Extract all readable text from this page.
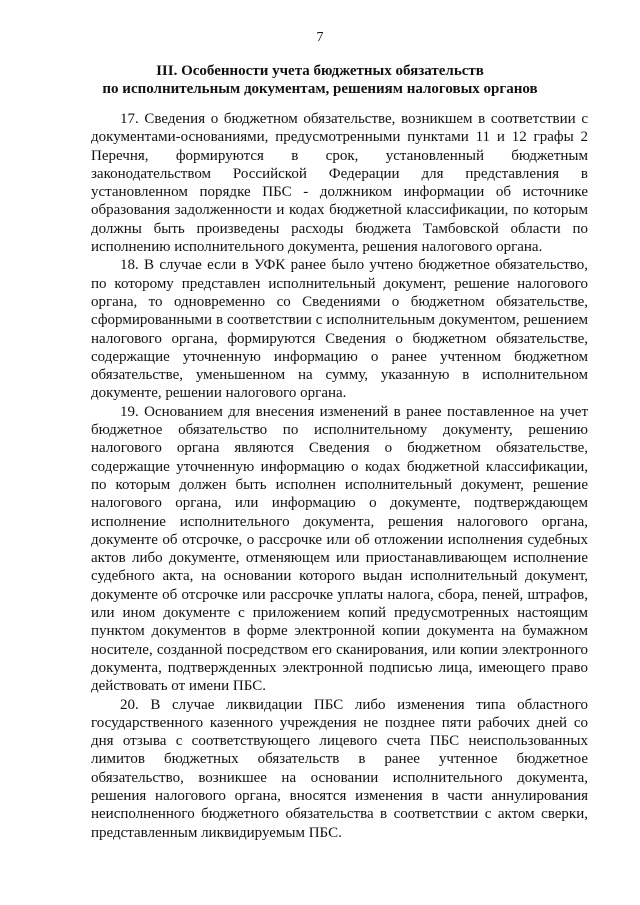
7
III. Особенности учета бюджетных обязательств
по исполнительным документам, решениям налоговых органов

17. Сведения о бюджетном обязательстве, возникшем в соответствии с документами-основаниями, предусмотренными пунктами 11 и 12 графы 2 Перечня, формируются в срок, установленный бюджетным законодательством Российской Федерации для представления в установленном порядке ПБС - должником информации об источнике образования задолженности и кодах бюджетной классификации, по которым должны быть произведены расходы бюджета Тамбовской области по исполнению исполнительного документа, решения налогового органа.

18. В случае если в УФК ранее было учтено бюджетное обязательство, по которому представлен исполнительный документ, решение налогового органа, то одновременно со Сведениями о бюджетном обязательстве, сформированными в соответствии с исполнительным документом, решением налогового органа, формируются Сведения о бюджетном обязательстве, содержащие уточненную информацию о ранее учтенном бюджетном обязательстве, уменьшенном на сумму, указанную в исполнительном документе, решении налогового органа.

19. Основанием для внесения изменений в ранее поставленное на учет бюджетное обязательство по исполнительному документу, решению налогового органа являются Сведения о бюджетном обязательстве, содержащие уточненную информацию о кодах бюджетной классификации, по которым должен быть исполнен исполнительный документ, решение налогового органа, или информацию о документе, подтверждающем исполнение исполнительного документа, решения налогового органа, документе об отсрочке, о рассрочке или об отложении исполнения судебных актов либо документе, отменяющем или приостанавливающем исполнение судебного акта, на основании которого выдан исполнительный документ, документе об отсрочке или рассрочке уплаты налога, сбора, пеней, штрафов, или ином документе с приложением копий предусмотренных настоящим пунктом документов в форме электронной копии документа на бумажном носителе, созданной посредством его сканирования, или копии электронного документа, подтвержденных электронной подписью лица, имеющего право действовать от имени ПБС.

20. В случае ликвидации ПБС либо изменения типа областного государственного казенного учреждения не позднее пяти рабочих дней со дня отзыва с соответствующего лицевого счета ПБС неиспользованных лимитов бюджетных обязательств в ранее учтенное бюджетное обязательство, возникшее на основании исполнительного документа, решения налогового органа, вносятся изменения в части аннулирования неисполненного бюджетного обязательства в соответствии с актом сверки, представленным ликвидируемым ПБС.
